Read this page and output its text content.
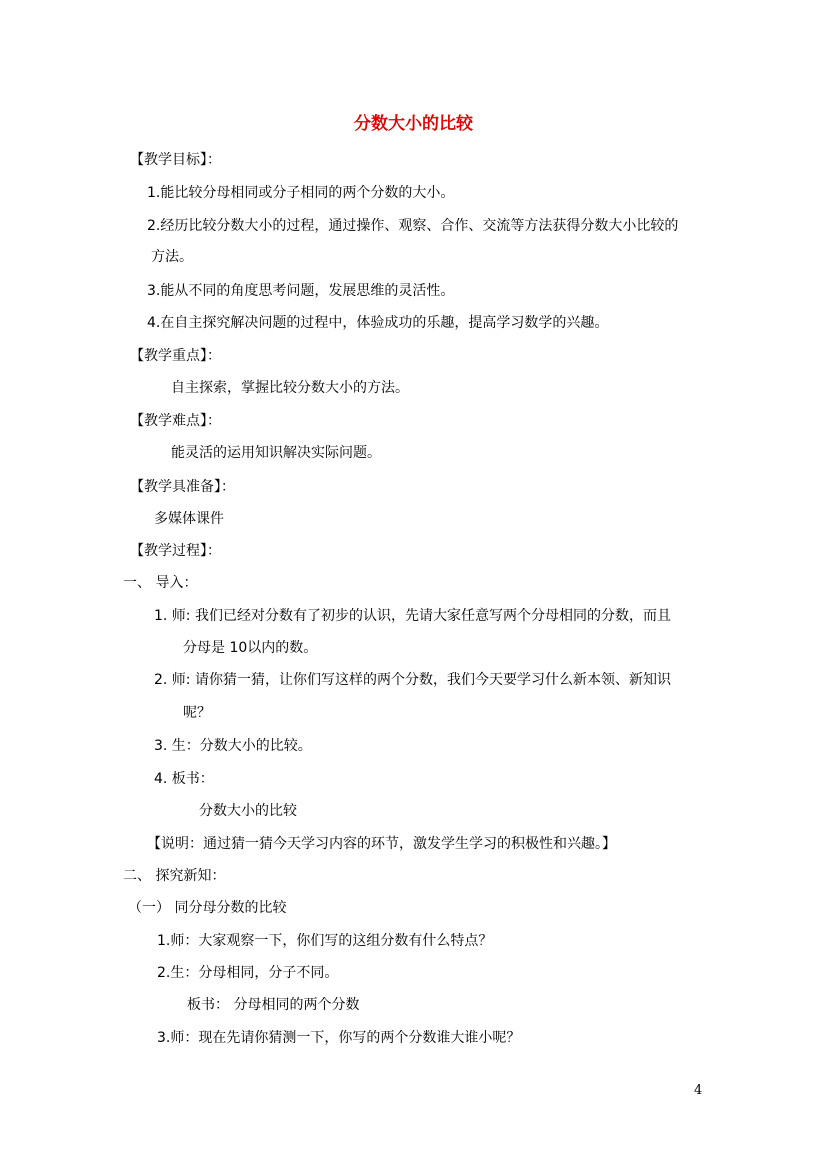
分数大小的比较
【教学目标】：
1.能比较分母相同或分子相同的两个分数的大小。
2.经历比较分数大小的过程，通过操作、观察、合作、交流等方法获得分数大小比较的
方法。
3.能从不同的角度思考问题，发展思维的灵活性。
4.在自主探究解决问题的过程中，体验成功的乐趣，提高学习数学的兴趣。
【教学重点】：
自主探索，掌握比较分数大小的方法。
【教学难点】：
能灵活的运用知识解决实际问题。
【教学具准备】：
多媒体课件
【教学过程】：
一、 导入：
1. 师: 我们已经对分数有了初步的认识，先请大家任意写两个分母相同的分数，而且
分母是 10以内的数。
2. 师: 请你猜一猜，让你们写这样的两个分数，我们今天要学习什么新本领、新知识
呢？
3. 生：分数大小的比较。
4. 板书：
分数大小的比较
【说明：通过猜一猜今天学习内容的环节，激发学生学习的积极性和兴趣。】
二、 探究新知：
（一） 同分母分数的比较
1.师：大家观察一下，你们写的这组分数有什么特点？
2.生：分母相同，分子不同。
板书： 分母相同的两个分数
3.师：现在先请你猜测一下，你写的两个分数谁大谁小呢？
4
